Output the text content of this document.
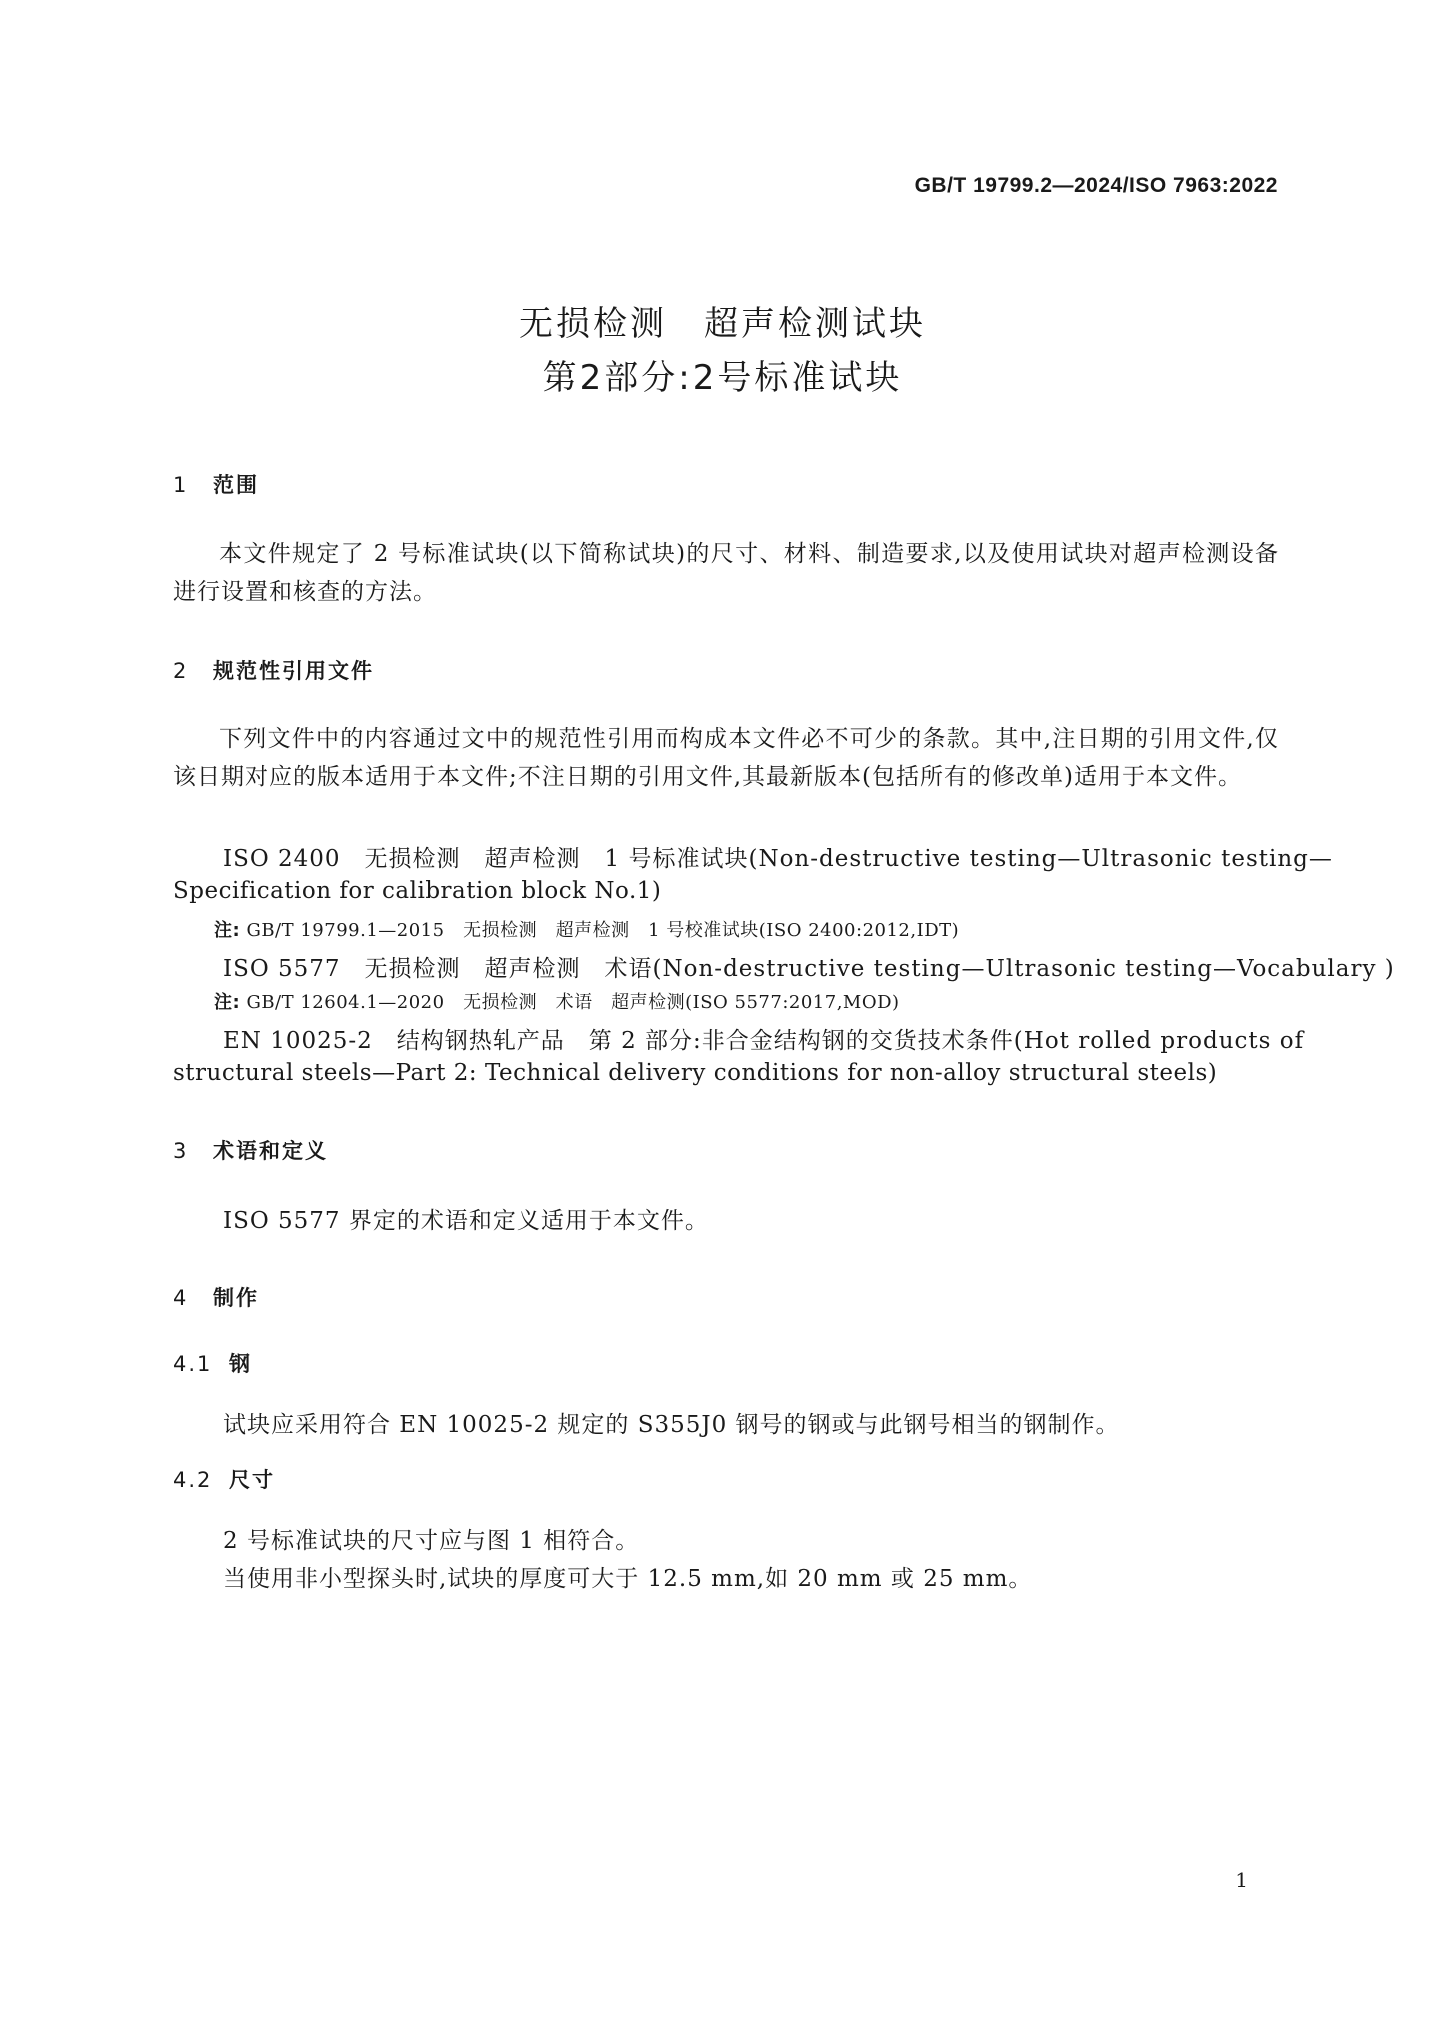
GB/T 19799.2—2024/ISO 7963:2022
无损检测　超声检测试块
第2部分:2号标准试块
1 范围
本文件规定了 2 号标准试块(以下简称试块)的尺寸、材料、制造要求,以及使用试块对超声检测设备进行设置和核查的方法。
2 规范性引用文件
下列文件中的内容通过文中的规范性引用而构成本文件必不可少的条款。其中,注日期的引用文件,仅该日期对应的版本适用于本文件;不注日期的引用文件,其最新版本(包括所有的修改单)适用于本文件。
ISO 2400　无损检测　超声检测　1 号标准试块(Non-destructive testing—Ultrasonic testing—
Specification for calibration block No.1)
注: GB/T 19799.1—2015　无损检测　超声检测　1 号校准试块(ISO 2400:2012,IDT)
ISO 5577　无损检测　超声检测　术语(Non-destructive testing—Ultrasonic testing—Vocabulary )
注: GB/T 12604.1—2020　无损检测　术语　超声检测(ISO 5577:2017,MOD)
EN 10025-2　结构钢热轧产品　第 2 部分:非合金结构钢的交货技术条件(Hot rolled products of
structural steels—Part 2: Technical delivery conditions for non-alloy structural steels)
3 术语和定义
ISO 5577 界定的术语和定义适用于本文件。
4 制作
4.1 钢
试块应采用符合 EN 10025-2 规定的 S355J0 钢号的钢或与此钢号相当的钢制作。
4.2 尺寸
2 号标准试块的尺寸应与图 1 相符合。
当使用非小型探头时,试块的厚度可大于 12.5 mm,如 20 mm 或 25 mm。
1
